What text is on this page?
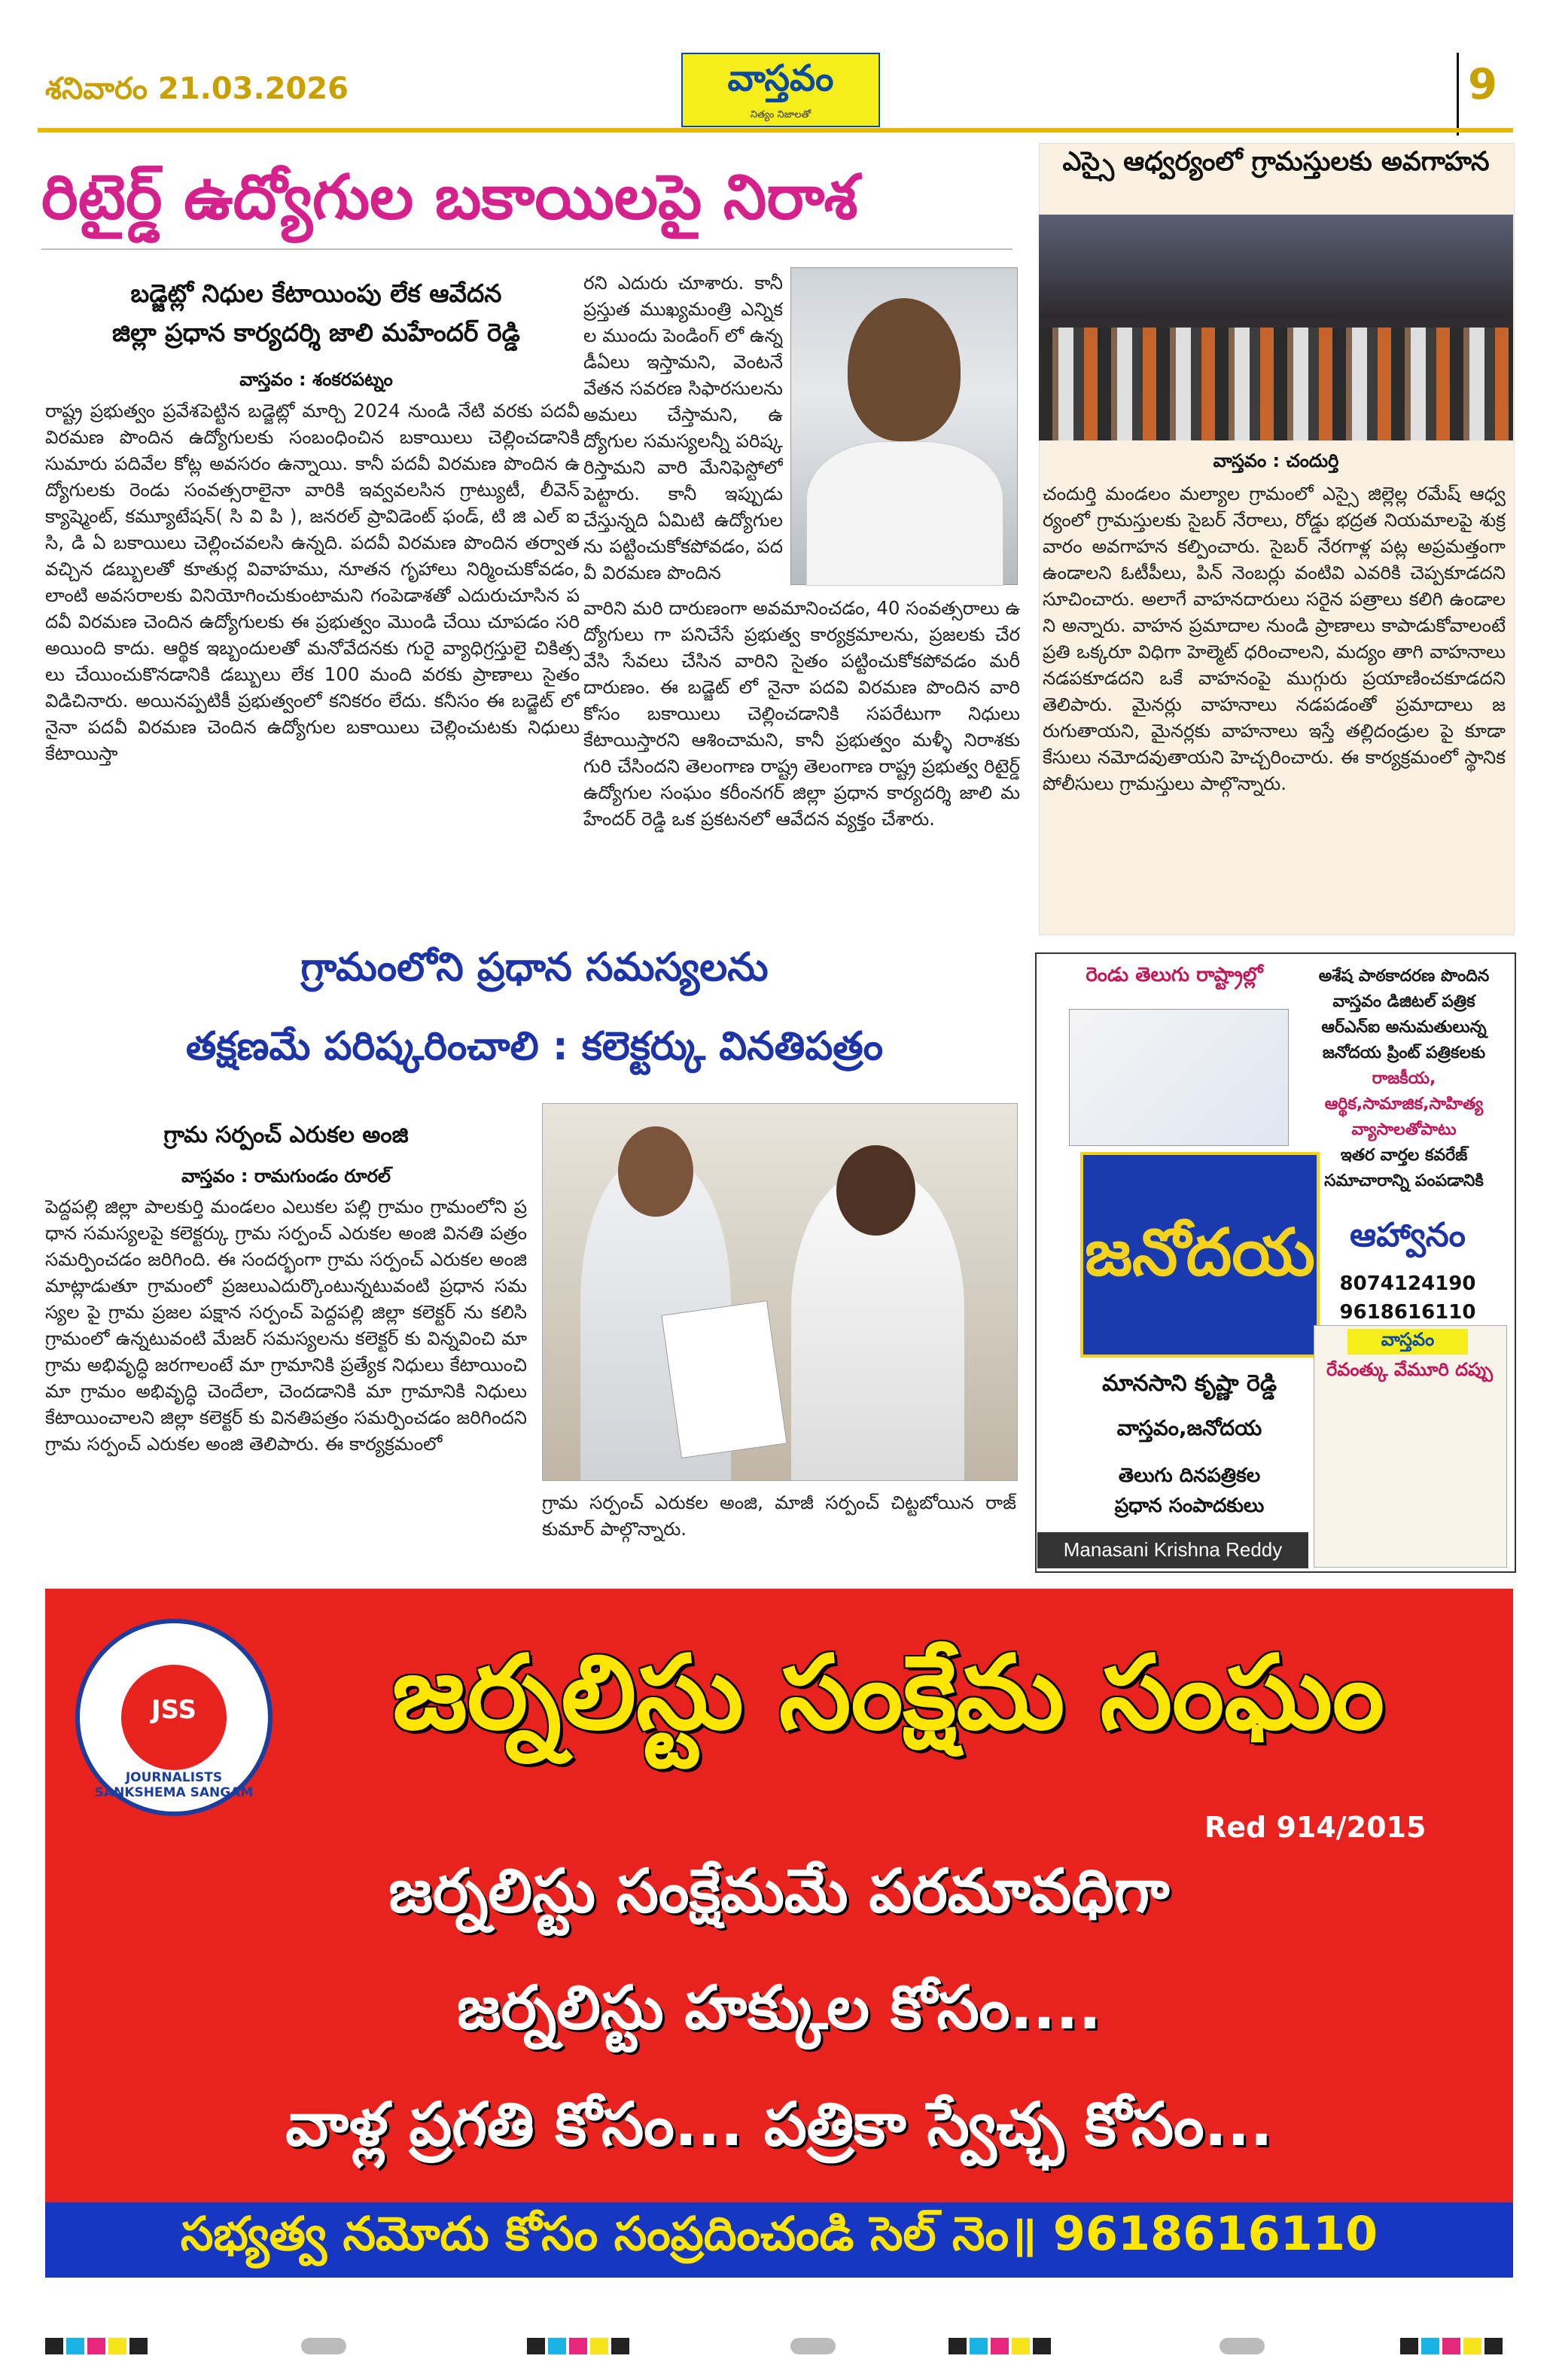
శనివారం 21.03.2026	వాస్తవం
నిత్యం నిజాలతో
9
రిటైర్డ్ ఉద్యోగుల బకాయిలపై నిరాశ
బడ్జెట్లో నిధుల కేటాయింపు లేక ఆవేదన
జిల్లా ప్రధాన కార్యదర్శి జాలి మహేందర్ రెడ్డి
వాస్తవం : శంకరపట్నం
రాష్ట్ర ప్రభుత్వం ప్రవేశపెట్టిన బడ్జెట్లో మార్చి 2024 నుండి నేటి వరకు పదవీ విరమణ పొందిన ఉద్యోగులకు సంబంధించిన బకాయిలు చెల్లించడానికి సుమారు పదివేల కోట్ల అవసరం ఉన్నాయి. కానీ పదవీ విరమణ పొందిన ఉద్యోగులకు రెండు సంవత్సరాలైనా వారికి ఇవ్వవలసిన గ్రాట్యుటీ, లీవెన్ క్యాష్మెంట్, కమ్యూటేషన్( సి వి పి ), జనరల్ ప్రావిడెంట్ ఫండ్, టి జి ఎల్ ఐ సి, డి ఏ బకాయిలు చెల్లించవలసి ఉన్నది. పదవీ విరమణ పొందిన తర్వాత వచ్చిన డబ్బులతో కూతుర్ల వివాహము, నూతన గృహాలు నిర్మించుకోవడం, లాంటి అవసరాలకు వినియోగించుకుంటామని గంపెడాశతో ఎదురుచూసిన పదవీ విరమణ చెందిన ఉద్యోగులకు ఈ ప్రభుత్వం మొండి చేయి చూపడం సరి అయింది కాదు. ఆర్థిక ఇబ్బందులతో మనోవేదనకు గురై వ్యాధిగ్రస్తులై చికిత్సలు చేయించుకొనడానికి డబ్బులు లేక 100 మంది వరకు ప్రాణాలు సైతం విడిచినారు. అయినప్పటికీ ప్రభుత్వంలో కనికరం లేదు. కనీసం ఈ బడ్జెట్ లో నైనా పదవీ విరమణ చెందిన ఉద్యోగుల బకాయిలు చెల్లించుటకు నిధులు కేటాయిస్తా
రని ఎదురు చూశారు. కానీ ప్రస్తుత ముఖ్యమంత్రి ఎన్నికల ముందు పెండింగ్ లో ఉన్న డీఏలు ఇస్తామని, వెంటనే వేతన సవరణ సిఫారసులను అమలు చేస్తామని, ఉద్యోగుల సమస్యలన్నీ పరిష్కరిస్తామని వారి మేనిఫెస్టోలో పెట్టారు. కానీ ఇప్పుడు చేస్తున్నది ఏమిటి ఉద్యోగులను పట్టించుకోకపోవడం, పదవీ విరమణ పొందిన
వారిని మరి దారుణంగా అవమానించడం, 40 సంవత్సరాలు ఉద్యోగులు గా పనిచేసే ప్రభుత్వ కార్యక్రమాలను, ప్రజలకు చేరవేసి సేవలు చేసిన వారిని సైతం పట్టించుకోకపోవడం మరీ దారుణం. ఈ బడ్జెట్ లో నైనా పదవి విరమణ పొందిన వారి కోసం బకాయిలు చెల్లించడానికి సపరేటుగా నిధులు కేటాయిస్తారని ఆశించామని, కానీ ప్రభుత్వం మళ్ళీ నిరాశకు గురి చేసిందని తెలంగాణ రాష్ట్ర తెలంగాణ రాష్ట్ర ప్రభుత్వ రిటైర్డ్ ఉద్యోగుల సంఘం కరీంనగర్ జిల్లా ప్రధాన కార్యదర్శి జాలి మహేందర్ రెడ్డి ఒక ప్రకటనలో ఆవేదన వ్యక్తం చేశారు.
ఎస్సై ఆధ్వర్యంలో గ్రామస్తులకు అవగాహన
వాస్తవం : చందుర్తి
చందుర్తి మండలం మల్యాల గ్రామంలో ఎస్సై జిల్లెల్ల రమేష్ ఆధ్వర్యంలో గ్రామస్తులకు సైబర్ నేరాలు, రోడ్డు భద్రత నియమాలపై శుక్రవారం అవగాహన కల్పించారు. సైబర్ నేరగాళ్ల పట్ల అప్రమత్తంగా ఉండాలని ఓటీపీలు, పిన్ నెంబర్లు వంటివి ఎవరికి చెప్పకూడదని సూచించారు. అలాగే వాహనదారులు సరైన పత్రాలు కలిగి ఉండాలని అన్నారు. వాహన ప్రమాదాల నుండి ప్రాణాలు కాపాడుకోవాలంటే ప్రతి ఒక్కరూ విధిగా హెల్మెట్ ధరించాలని, మద్యం తాగి వాహనాలు నడపకూడదని ఒకే వాహనంపై ముగ్గురు ప్రయాణించకూడదని తెలిపారు. మైనర్లు వాహనాలు నడపడంతో ప్రమాదాలు జరుగుతాయని, మైనర్లకు వాహనాలు ఇస్తే తల్లిదండ్రుల పై కూడా కేసులు నమోదవుతాయని హెచ్చరించారు. ఈ కార్యక్రమంలో స్థానిక పోలీసులు గ్రామస్తులు పాల్గొన్నారు.
గ్రామంలోని ప్రధాన సమస్యలను
తక్షణమే పరిష్కరించాలి : కలెక్టర్కు వినతిపత్రం
గ్రామ సర్పంచ్ ఎరుకల అంజి
వాస్తవం : రామగుండం రూరల్
పెద్దపల్లి జిల్లా పాలకుర్తి మండలం ఎలుకల పల్లి గ్రామం గ్రామంలోని ప్రధాన సమస్యలపై కలెక్టర్కు గ్రామ సర్పంచ్ ఎరుకల అంజి వినతి పత్రం సమర్పించడం జరిగింది. ఈ సందర్భంగా గ్రామ సర్పంచ్ ఎరుకల అంజి మాట్లాడుతూ గ్రామంలో ప్రజలుఎదుర్కొంటున్నటువంటి ప్రధాన సమస్యల పై గ్రామ ప్రజల పక్షాన సర్పంచ్ పెద్దపల్లి జిల్లా కలెక్టర్ ను కలిసి గ్రామంలో ఉన్నటువంటి మేజర్ సమస్యలను కలెక్టర్ కు విన్నవించి మా గ్రామ అభివృద్ధి జరగాలంటే మా గ్రామానికి ప్రత్యేక నిధులు కేటాయించి మా గ్రామం అభివృద్ధి చెందేలా, చెందడానికి మా గ్రామానికి నిధులు కేటాయించాలని జిల్లా కలెక్టర్ కు వినతిపత్రం సమర్పించడం జరిగిందని గ్రామ సర్పంచ్ ఎరుకల అంజి తెలిపారు. ఈ కార్యక్రమంలో
గ్రామ సర్పంచ్ ఎరుకల అంజి, మాజీ సర్పంచ్ చిట్టబోయిన రాజ్ కుమార్ పాల్గొన్నారు.
రెండు తెలుగు రాష్ట్రాల్లో	అశేష పాఠకాదరణ పొందిన
వాస్తవం డిజిటల్ పత్రిక
ఆర్ఎన్ఐ అనుమతులున్న
జనోదయ ప్రింట్ పత్రికలకు
రాజకీయ,
ఆర్థిక,సామాజిక,సాహిత్య
వ్యాసాలతోపాటు
ఇతర వార్తల కవరేజ్
సమాచారాన్ని పంపడానికి
జనోదయ	ఆహ్వానం
8074124190
9618616110
మానసాని కృష్ణా రెడ్డి
వాస్తవం,జనోదయ
తెలుగు దినపత్రికల
ప్రధాన సంపాదకులు
Manasani Krishna Reddy
వాస్తవం
రేవంత్కు వేమూరి దప్పు
JSS
JOURNALISTS SANKSHEMA SANGAM
జర్నలిస్టు సంక్షేమ సంఘం
Red 914/2015
జర్నలిస్టు సంక్షేమమే పరమావధిగా
జర్నలిస్టు హక్కుల కోసం....
వాళ్ల ప్రగతి కోసం... పత్రికా స్వేచ్ఛ కోసం...
సభ్యత్వ నమోదు కోసం సంప్రదించండి సెల్ నెం॥ 9618616110
